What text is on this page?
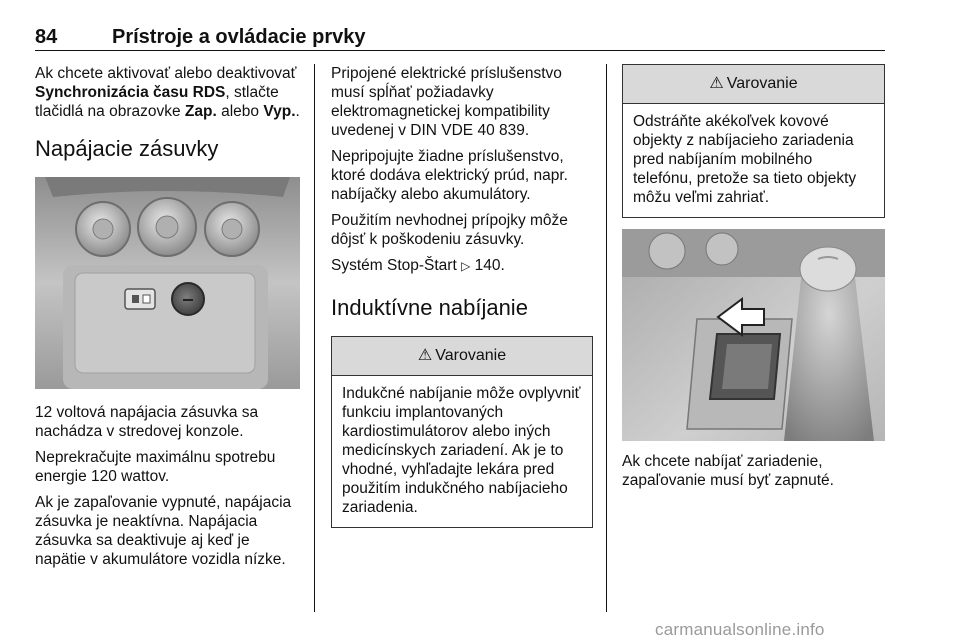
84	Prístroje a ovládacie prvky

Ak chcete aktivovať alebo deaktivovať Synchronizácia času RDS, stlačte tlačidlá na obrazovke Zap. alebo Vyp..

Napájacie zásuvky

12 voltová napájacia zásuvka sa nachádza v stredovej konzole.

Neprekračujte maximálnu spotrebu energie 120 wattov.

Ak je zapaľovanie vypnuté, napájacia zásuvka je neaktívna. Napájacia zásuvka sa deaktivuje aj keď je napätie v akumulátore vozidla nízke.

Pripojené elektrické príslušenstvo musí spĺňať požiadavky elektromagnetickej kompatibility uvedenej v DIN VDE 40 839.

Nepripojujte žiadne príslušenstvo, ktoré dodáva elektrický prúd, napr. nabíjačky alebo akumulátory.

Použitím nevhodnej prípojky môže dôjsť k poškodeniu zásuvky.

Systém Stop-Štart ▷ 140.

Induktívne nabíjanie
⚠ Varovanie
Indukčné nabíjanie môže ovplyvniť funkciu implantovaných kardiostimulátorov alebo iných medicínskych zariadení. Ak je to vhodné, vyhľadajte lekára pred použitím indukčného nabíjacieho zariadenia.
⚠ Varovanie
Odstráňte akékoľvek kovové objekty z nabíjacieho zariadenia pred nabíjaním mobilného telefónu, pretože sa tieto objekty môžu veľmi zahriať.

Ak chcete nabíjať zariadenie, zapaľovanie musí byť zapnuté.

carmanualsonline.info
